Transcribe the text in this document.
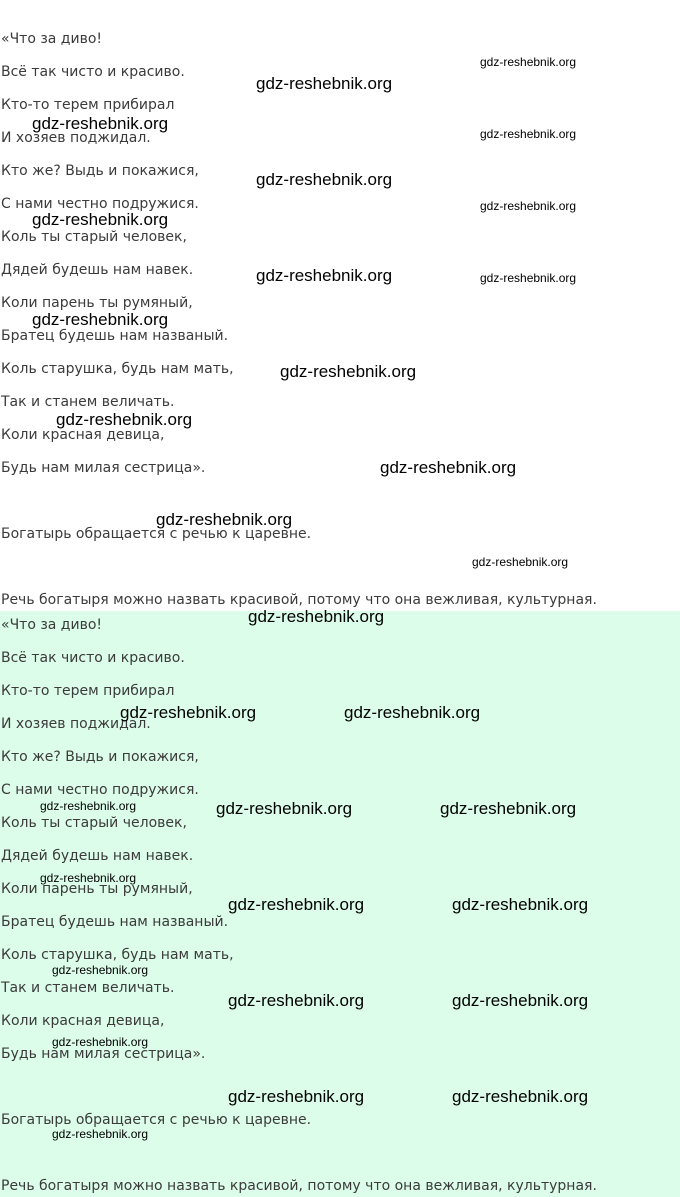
«Что за диво!
Всё так чисто и красиво.
Кто-то терем прибирал
И хозяев поджидал.
Кто же? Выдь и покажися,
С нами честно подружися.
Коль ты старый человек,
Дядей будешь нам навек.
Коли парень ты румяный,
Братец будешь нам названый.
Коль старушка, будь нам мать,
Так и станем величать.
Коли красная девица,
Будь нам милая сестрица».
Богатырь обращается с речью к царевне.
Речь богатыря можно назвать красивой, потому что она вежливая, культурная.
gdz-reshebnik.org
gdz-reshebnik.org
gdz-reshebnik.org
gdz-reshebnik.org
gdz-reshebnik.org
gdz-reshebnik.org
gdz-reshebnik.org
gdz-reshebnik.org	gdz-reshebnik.org
gdz-reshebnik.org
gdz-reshebnik.org
gdz-reshebnik.org
gdz-reshebnik.org
gdz-reshebnik.org
gdz-reshebnik.org
«Что за диво!
Всё так чисто и красиво.
Кто-то терем прибирал
И хозяев поджидал.
Кто же? Выдь и покажися,
С нами честно подружися.
Коль ты старый человек,
Дядей будешь нам навек.
Коли парень ты румяный,
Братец будешь нам названый.
Коль старушка, будь нам мать,
Так и станем величать.
Коли красная девица,
Будь нам милая сестрица».
Богатырь обращается с речью к царевне.
Речь богатыря можно назвать красивой, потому что она вежливая, культурная.
gdz-reshebnik.org
gdz-reshebnik.org	gdz-reshebnik.org
gdz-reshebnik.org	gdz-reshebnik.org	gdz-reshebnik.org
gdz-reshebnik.org
gdz-reshebnik.org	gdz-reshebnik.org
gdz-reshebnik.org
gdz-reshebnik.org	gdz-reshebnik.org
gdz-reshebnik.org
gdz-reshebnik.org	gdz-reshebnik.org
gdz-reshebnik.org
